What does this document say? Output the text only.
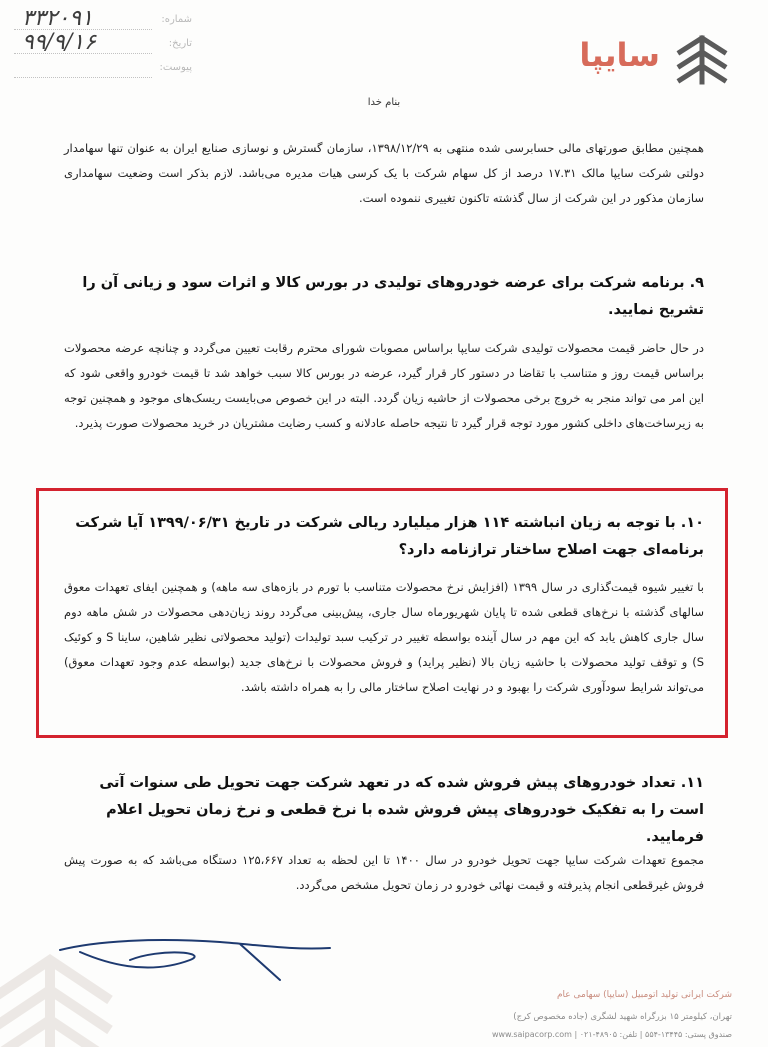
۳۳۲۰۹۱	شماره:
۹۹/۹/۱۶	تاریخ:
پیوست:	سایپا
بنام خدا
همچنین مطابق صورتهای مالی حسابرسی شده منتهی به ۱۳۹۸/۱۲/۲۹، سازمان گسترش و نوسازی صنایع ایران به عنوان تنها سهامدار دولتی شرکت سایپا مالک ۱۷.۳۱ درصد از کل سهام شرکت با یک کرسی هیات مدیره می‌باشد. لازم بذکر است وضعیت سهامداری سازمان مذکور در این شرکت از سال گذشته تاکنون تغییری ننموده است.
۹. برنامه شرکت برای عرضه خودروهای تولیدی در بورس کالا و اثرات سود و زیانی آن را تشریح نمایید.
در حال حاضر قیمت محصولات تولیدی شرکت سایپا براساس مصوبات شورای محترم رقابت تعیین می‌گردد و چنانچه عرضه محصولات براساس قیمت روز و متناسب با تقاضا در دستور کار قرار گیرد، عرضه در بورس کالا سبب خواهد شد تا قیمت خودرو واقعی شود که این امر می تواند منجر به خروج برخی محصولات از حاشیه زیان گردد. البته در این خصوص می‌بایست ریسک‌های موجود و همچنین توجه به زیرساخت‌های داخلی کشور مورد توجه قرار گیرد تا نتیجه حاصله عادلانه و کسب رضایت مشتریان در خرید محصولات صورت پذیرد.
۱۰. با توجه به زیان انباشته ۱۱۴ هزار میلیارد ریالی شرکت در تاریخ ۱۳۹۹/۰۶/۳۱ آیا شرکت برنامه‌ای جهت اصلاح ساختار ترازنامه دارد؟
با تغییر شیوه قیمت‌گذاری در سال ۱۳۹۹ (افزایش نرخ محصولات متناسب با تورم در بازه‌های سه ماهه) و همچنین ایفای تعهدات معوق سالهای گذشته با نرخ‌های قطعی شده تا پایان شهریورماه سال جاری، پیش‌بینی می‌گردد روند زیان‌دهی محصولات در شش ماهه دوم سال جاری کاهش یابد که این مهم در سال آینده بواسطه تغییر در ترکیب سبد تولیدات (تولید محصولاتی نظیر شاهین، ساینا S و کوئیک S) و توقف تولید محصولات با حاشیه زیان بالا (نظیر پراید) و فروش محصولات با نرخ‌های جدید (بواسطه عدم وجود تعهدات معوق) می‌تواند شرایط سودآوری شرکت را بهبود و در نهایت اصلاح ساختار مالی را به همراه داشته باشد.
۱۱. تعداد خودروهای پیش فروش شده که در تعهد شرکت جهت تحویل طی سنوات آتی است را به تفکیک خودروهای پیش فروش شده با نرخ قطعی و نرخ زمان تحویل اعلام فرمایید.
مجموع تعهدات شرکت سایپا جهت تحویل خودرو در سال ۱۴۰۰ تا این لحظه به تعداد ۱۲۵،۶۶۷ دستگاه می‌باشد که به صورت پیش فروش غیرقطعی انجام پذیرفته و قیمت نهائی خودرو در زمان تحویل مشخص می‌گردد.
شرکت ایرانی تولید اتومبیل (سایپا) سهامی عام
تهران، کیلومتر ۱۵ بزرگراه شهید لشگری (جاده مخصوص کرج)
صندوق پستی: ۱۳۴۴۵-۵۵۴ | تلفن: ۴۸۹۰۵-۰۲۱ | www.saipacorp.com
